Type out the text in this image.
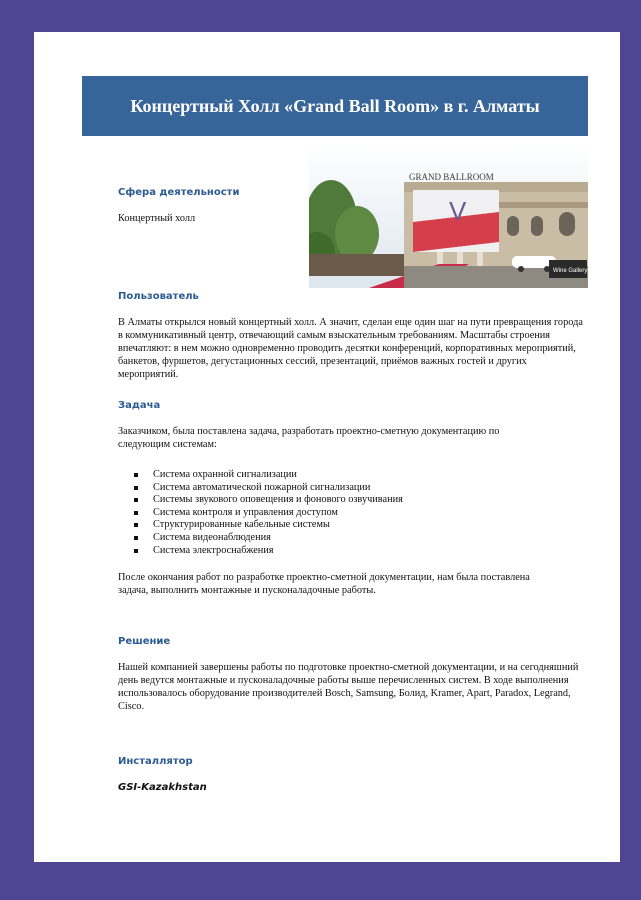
Концертный Холл «Grand Ball Room» в г. Алматы
V
GRAND BALLROOM
Wine Gallery
Сфера деятельности
Концертный холл
Пользователь
В Алматы открылся новый концертный холл. А значит, сделан еще один шаг на пути превращения города в коммуникативный центр, отвечающий самым взыскательным требованиям. Масштабы строения впечатляют: в нем можно одновременно проводить десятки конференций, корпоративных мероприятий, банкетов, фуршетов, дегустационных сессий, презентаций, приёмов важных гостей и других мероприятий.
Задача
Заказчиком, была поставлена задача, разработать проектно-сметную документацию по следующим системам:
Система охранной сигнализации
Система автоматической пожарной сигнализации
Системы звукового оповещения и фонового озвучивания
Система контроля и управления доступом
Структурированные кабельные системы
Система видеонаблюдения
Система электроснабжения
После окончания работ по разработке проектно-сметной документации, нам была поставлена задача, выполнить монтажные и пусконаладочные работы.
Решение
Нашей компанией завершены работы по подготовке проектно-сметной документации, и на сегодняшний день ведутся монтажные и пусконаладочные работы выше перечисленных систем. В ходе выполнения использовалось оборудование производителей Bosch, Samsung, Болид, Kramer, Apart, Paradox, Legrand, Cisco.
Инсталлятор
GSI-Kazakhstan
